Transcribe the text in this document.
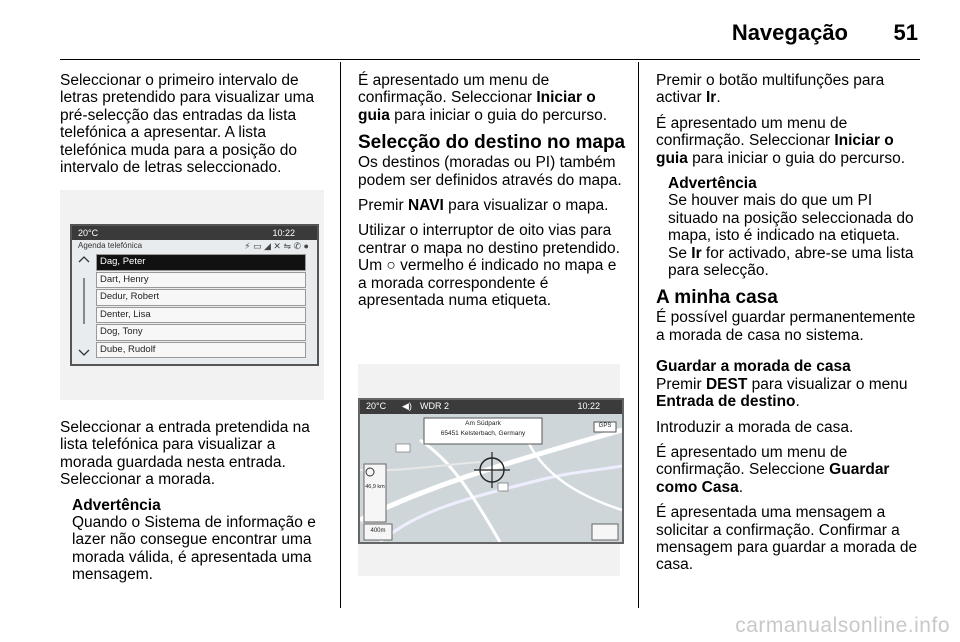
Navegação 51

Seleccionar o primeiro intervalo de letras pretendido para visualizar uma pré-selecção das entradas da lista telefónica a apresentar. A lista telefónica muda para a posição do intervalo de letras seleccionado.

20°C	10:22
Agenda telefónica	⚡ ▭ ◢ ✕ ⇋ ✆ ●
Dag, Peter
Dart, Henry
Dedur, Robert
Denter, Lisa
Dog, Tony
Dube, Rudolf

Seleccionar a entrada pretendida na lista telefónica para visualizar a morada guardada nesta entrada. Seleccionar a morada.

Advertência
Quando o Sistema de informação e lazer não consegue encontrar uma morada válida, é apresentada uma mensagem.

É apresentado um menu de confirmação. Seleccionar Iniciar o guia para iniciar o guia do percurso.

Selecção do destino no mapa

Os destinos (moradas ou PI) também podem ser definidos através do mapa.

Premir NAVI para visualizar o mapa.

Utilizar o interruptor de oito vias para centrar o mapa no destino pretendido. Um ○ vermelho é indicado no mapa e a morada correspondente é apresentada numa etiqueta.

20°C ◀) WDR 2	10:22
Am Südpark
65451 Kelsterbach, Germany
GPS
46,9 km
400m

Premir o botão multifunções para activar Ir.

É apresentado um menu de confirmação. Seleccionar Iniciar o guia para iniciar o guia do percurso.

Advertência
Se houver mais do que um PI situado na posição seleccionada do mapa, isto é indicado na etiqueta. Se Ir for activado, abre-se uma lista para selecção.
A minha casa

É possível guardar permanentemente a morada de casa no sistema.

Guardar a morada de casa

Premir DEST para visualizar o menu Entrada de destino.

Introduzir a morada de casa.

É apresentado um menu de confirmação. Seleccione Guardar como Casa.

É apresentada uma mensagem a solicitar a confirmação. Confirmar a mensagem para guardar a morada de casa.

carmanualsonline.info
